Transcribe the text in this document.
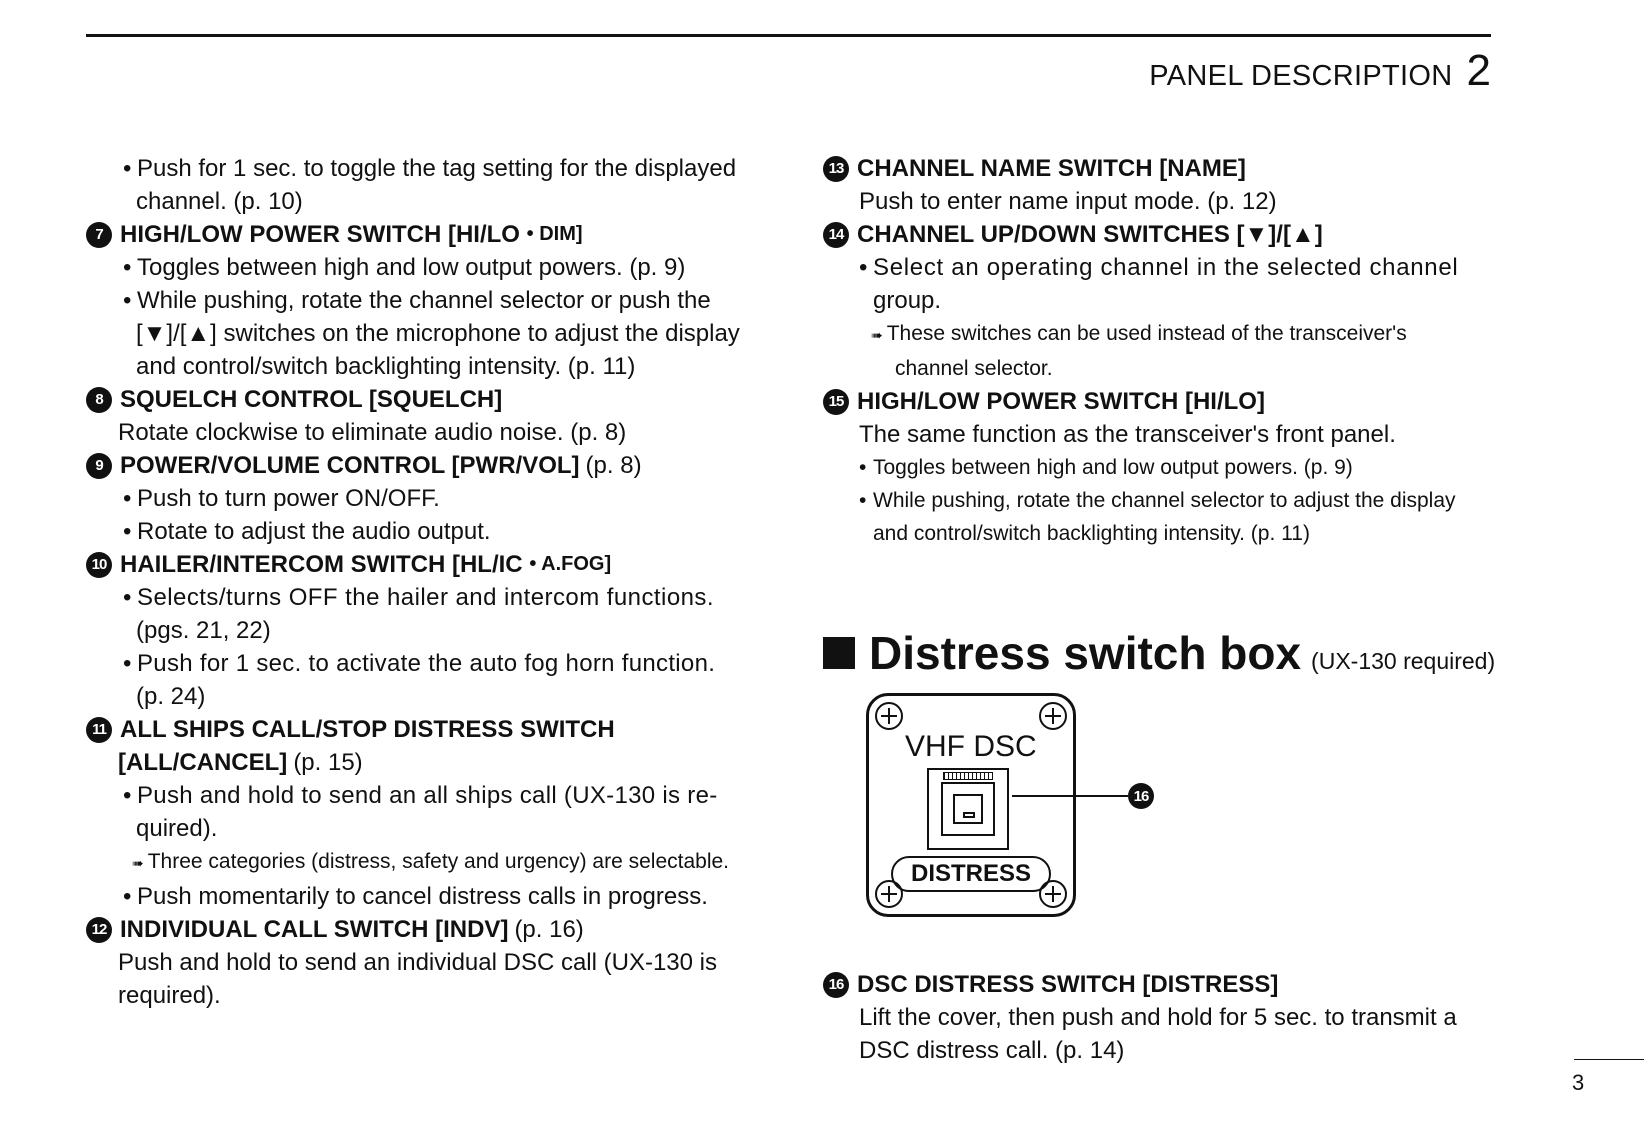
PANEL DESCRIPTION 2
• Push for 1 sec. to toggle the tag setting for the displayed
channel. (p. 10)
7 HIGH/LOW POWER SWITCH [HI/LO
• DIM]
• Toggles between high and low output powers. (p. 9)
• While pushing, rotate the channel selector or push the
[▼]/[▲] switches on the microphone to adjust the display
and control/switch backlighting intensity. (p. 11)
8 SQUELCH CONTROL [SQUELCH]
Rotate clockwise to eliminate audio noise. (p. 8)
9 POWER/VOLUME CONTROL [PWR/VOL] (p. 8)
• Push to turn power ON/OFF.
• Rotate to adjust the audio output.
10 HAILER/INTERCOM SWITCH [HL/IC
• A.FOG]
• Selects/turns OFF the hailer and intercom functions.
(pgs. 21, 22)
• Push for 1 sec. to activate the auto fog horn function.
(p. 24)
11 ALL SHIPS CALL/STOP DISTRESS SWITCH
[ALL/CANCEL] (p. 15)
• Push and hold to send an all ships call (UX-130 is re-
quired).
➠ Three categories (distress, safety and urgency) are selectable.
• Push momentarily to cancel distress calls in progress.
12 INDIVIDUAL CALL SWITCH [INDV] (p. 16)
Push and hold to send an individual DSC call (UX-130 is
required).
13 CHANNEL NAME SWITCH [NAME]
Push to enter name input mode. (p. 12)
14 CHANNEL UP/DOWN SWITCHES [▼]/[▲]
• Select an operating channel in the selected channel
group.
➠ These switches can be used instead of the transceiver's
channel selector.
15 HIGH/LOW POWER SWITCH [HI/LO]
The same function as the transceiver's front panel.
• Toggles between high and low output powers. (p. 9)
• While pushing, rotate the channel selector to adjust the display
and control/switch backlighting intensity. (p. 11)
Distress switch box (UX-130 required)
VHF DSC
DISTRESS
16
16 DSC DISTRESS SWITCH [DISTRESS]
Lift the cover, then push and hold for 5 sec. to transmit a
DSC distress call. (p. 14)
3
